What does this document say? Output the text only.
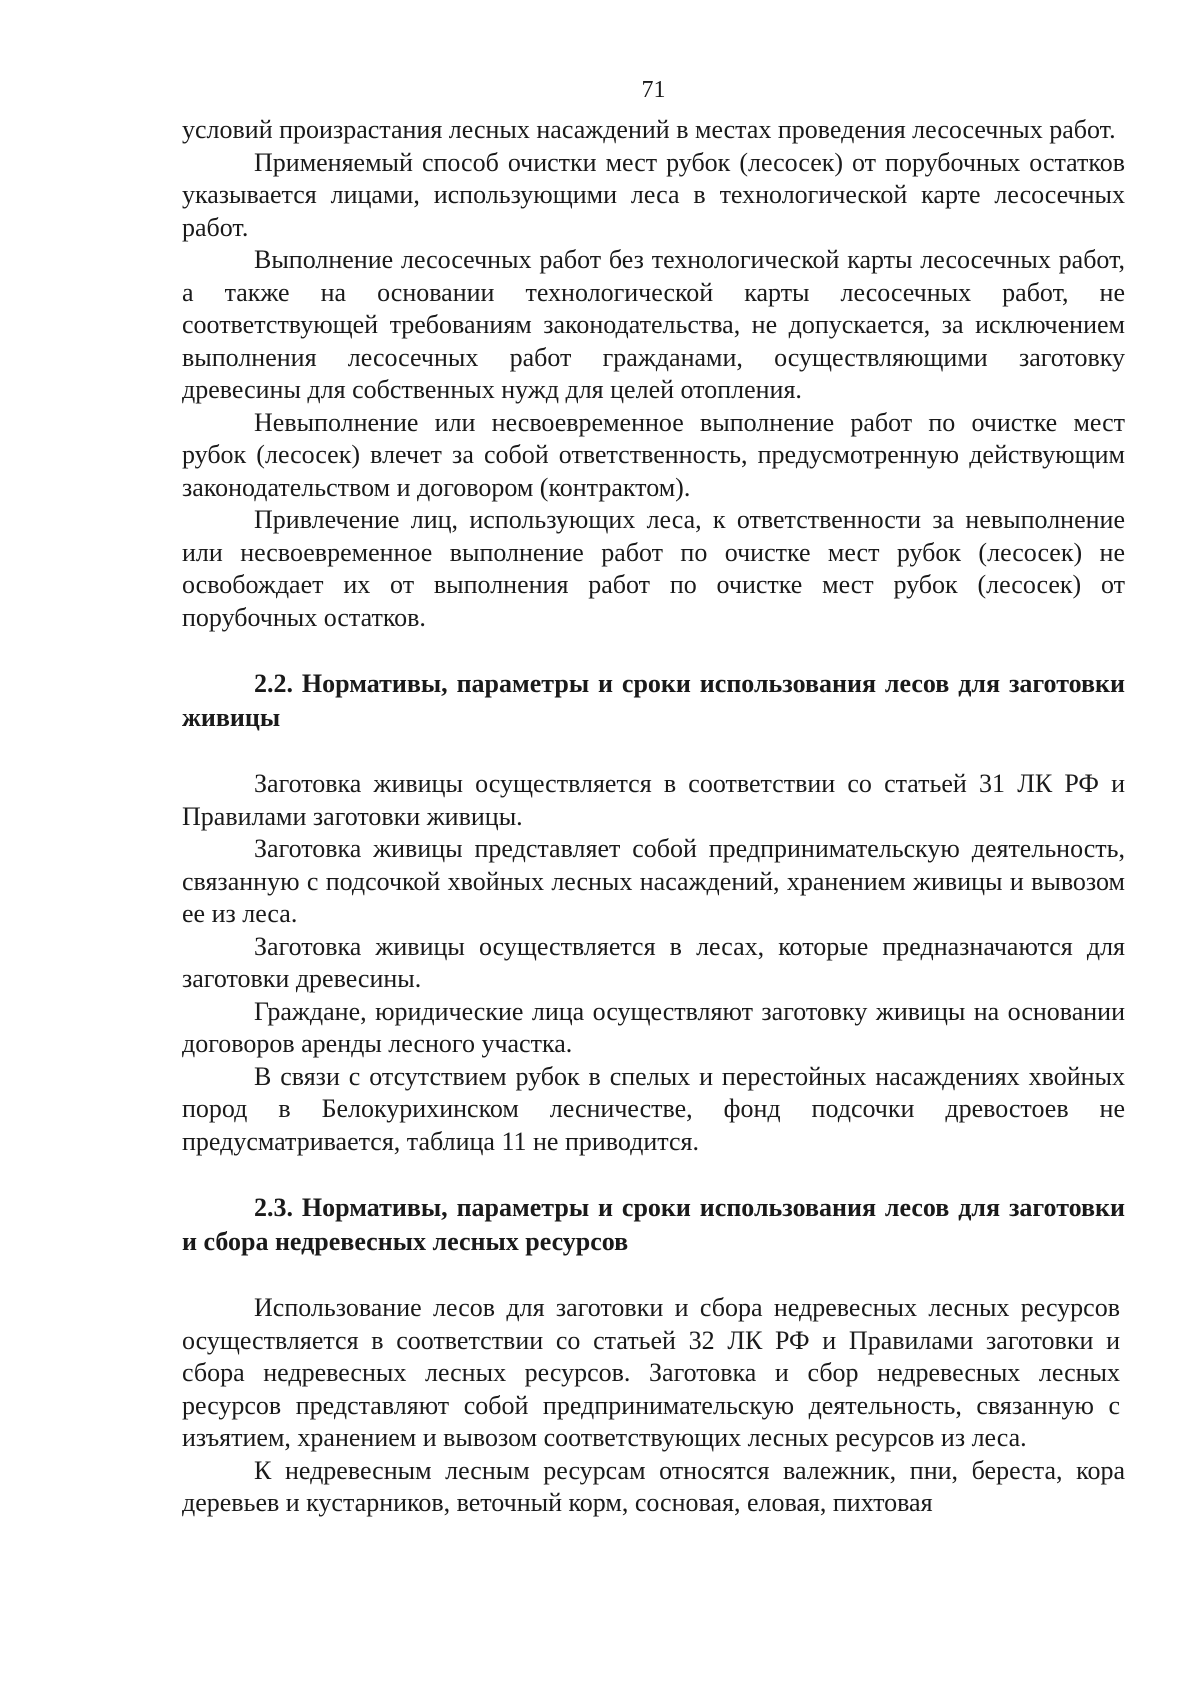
71

условий произрастания лесных насаждений в местах проведения лесосечных работ.

Применяемый способ очистки мест рубок (лесосек) от порубочных остатков указывается лицами, использующими леса в технологической карте лесосечных работ.

Выполнение лесосечных работ без технологической карты лесосечных работ, а также на основании технологической карты лесосечных работ, не соответствующей требованиям законодательства, не допускается, за исключением выполнения лесосечных работ гражданами, осуществляющими заготовку древесины для собственных нужд для целей отопления.

Невыполнение или несвоевременное выполнение работ по очистке мест рубок (лесосек) влечет за собой ответственность, предусмотренную действующим законодательством и договором (контрактом).

Привлечение лиц, использующих леса, к ответственности за невыполнение или несвоевременное выполнение работ по очистке мест рубок (лесосек) не освобождает их от выполнения работ по очистке мест рубок (лесосек) от порубочных остатков.

2.2. Нормативы, параметры и сроки использования лесов для заготовки живицы

Заготовка живицы осуществляется в соответствии со статьей 31 ЛК РФ и Правилами заготовки живицы.

Заготовка живицы представляет собой предпринимательскую деятельность, связанную с подсочкой хвойных лесных насаждений, хранением живицы и вывозом ее из леса.

Заготовка живицы осуществляется в лесах, которые предназначаются для заготовки древесины.

Граждане, юридические лица осуществляют заготовку живицы на основании договоров аренды лесного участка.

В связи с отсутствием рубок в спелых и перестойных насаждениях хвойных пород в Белокурихинском лесничестве, фонд подсочки древостоев не предусматривается, таблица 11 не приводится.

2.3. Нормативы, параметры и сроки использования лесов для заготовки и сбора недревесных лесных ресурсов

Использование лесов для заготовки и сбора недревесных лесных ресурсов осуществляется в соответствии со статьей 32 ЛК РФ и Правилами заготовки и сбора недревесных лесных ресурсов. Заготовка и сбор недревесных лесных ресурсов представляют собой предпринимательскую деятельность, связанную с изъятием, хранением и вывозом соответствующих лесных ресурсов из леса.

К недревесным лесным ресурсам относятся валежник, пни, береста, кора деревьев и кустарников, веточный корм, сосновая, еловая, пихтовая
